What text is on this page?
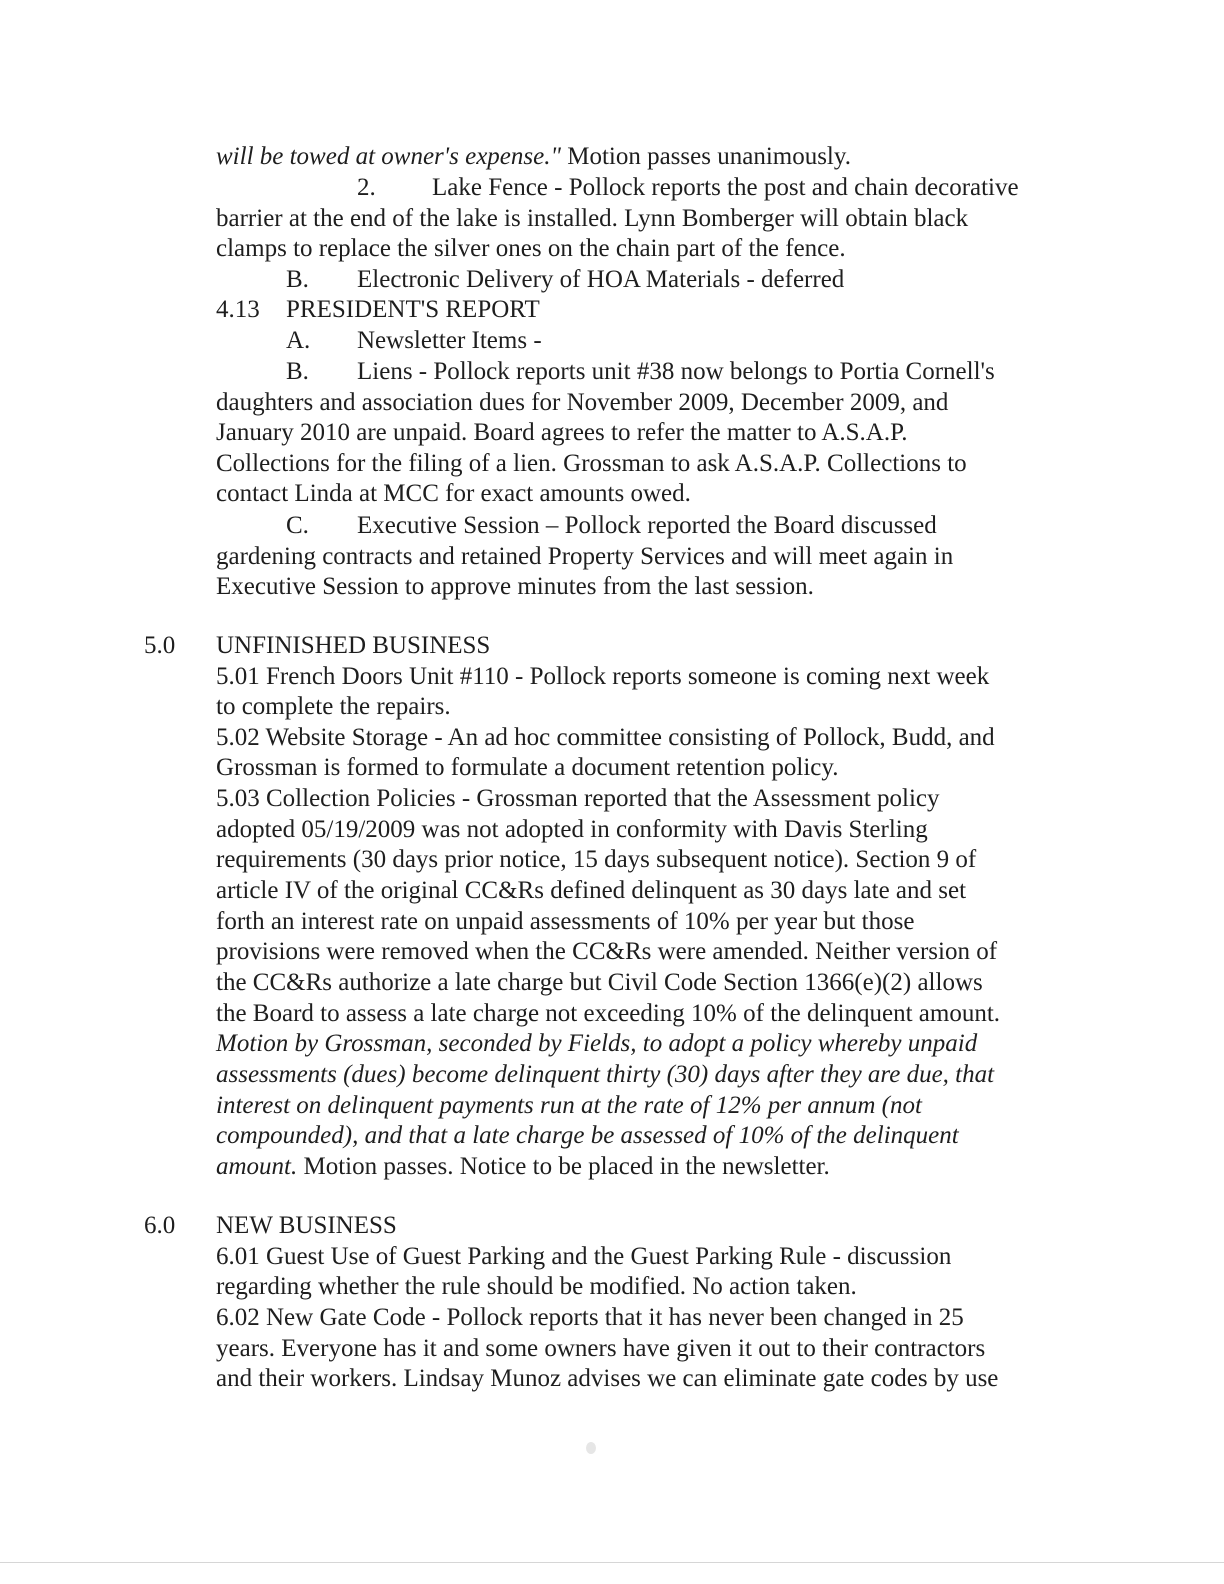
will be towed at owner's expense." Motion passes unanimously.
2. Lake Fence - Pollock reports the post and chain decorative
barrier at the end of the lake is installed. Lynn Bomberger will obtain black
clamps to replace the silver ones on the chain part of the fence.
B. Electronic Delivery of HOA Materials - deferred
4.13 PRESIDENT'S REPORT
A. Newsletter Items -
B. Liens - Pollock reports unit #38 now belongs to Portia Cornell's
daughters and association dues for November 2009, December 2009, and
January 2010 are unpaid. Board agrees to refer the matter to A.S.A.P.
Collections for the filing of a lien. Grossman to ask A.S.A.P. Collections to
contact Linda at MCC for exact amounts owed.
C. Executive Session – Pollock reported the Board discussed
gardening contracts and retained Property Services and will meet again in
Executive Session to approve minutes from the last session.
5.0 UNFINISHED BUSINESS
5.01 French Doors Unit #110 - Pollock reports someone is coming next week
to complete the repairs.
5.02 Website Storage - An ad hoc committee consisting of Pollock, Budd, and
Grossman is formed to formulate a document retention policy.
5.03 Collection Policies - Grossman reported that the Assessment policy
adopted 05/19/2009 was not adopted in conformity with Davis Sterling
requirements (30 days prior notice, 15 days subsequent notice). Section 9 of
article IV of the original CC&Rs defined delinquent as 30 days late and set
forth an interest rate on unpaid assessments of 10% per year but those
provisions were removed when the CC&Rs were amended. Neither version of
the CC&Rs authorize a late charge but Civil Code Section 1366(e)(2) allows
the Board to assess a late charge not exceeding 10% of the delinquent amount.
Motion by Grossman, seconded by Fields, to adopt a policy whereby unpaid
assessments (dues) become delinquent thirty (30) days after they are due, that
interest on delinquent payments run at the rate of 12% per annum (not
compounded), and that a late charge be assessed of 10% of the delinquent
amount. Motion passes. Notice to be placed in the newsletter.
6.0 NEW BUSINESS
6.01 Guest Use of Guest Parking and the Guest Parking Rule - discussion
regarding whether the rule should be modified. No action taken.
6.02 New Gate Code - Pollock reports that it has never been changed in 25
years. Everyone has it and some owners have given it out to their contractors
and their workers. Lindsay Munoz advises we can eliminate gate codes by use
